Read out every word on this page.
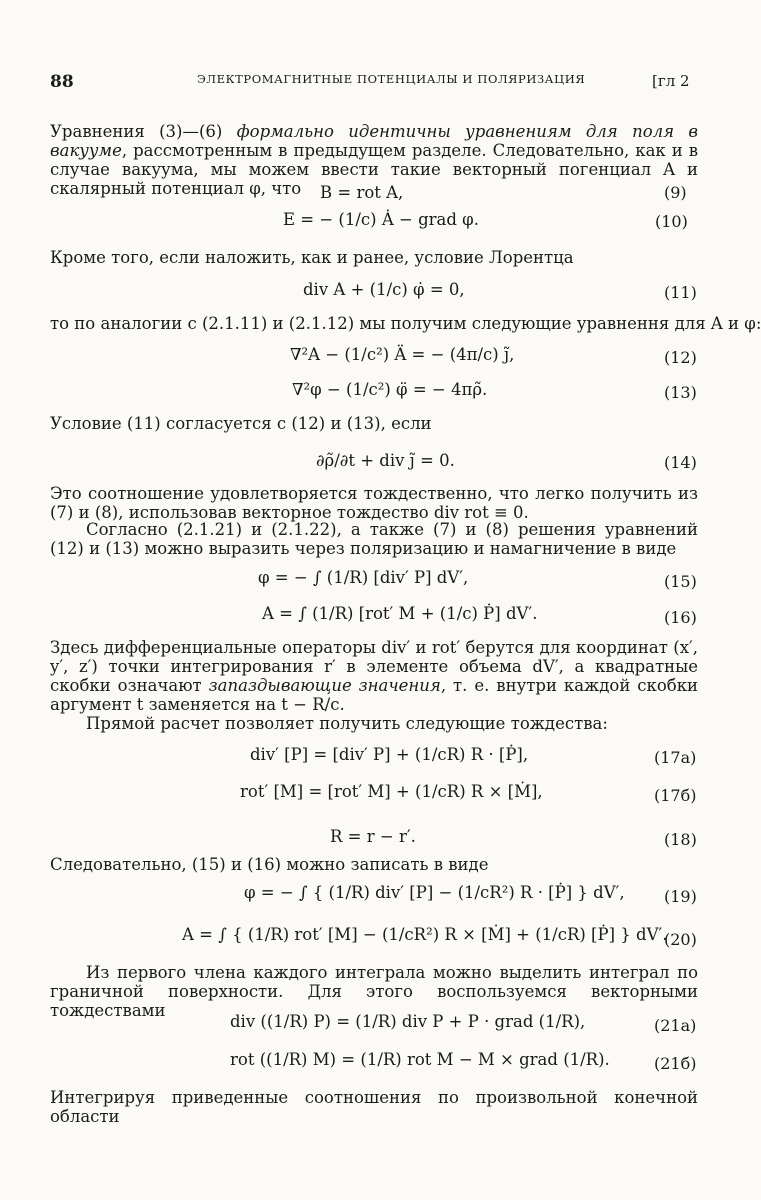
88	ЭЛЕКТРОМАГНИТНЫЕ ПОТЕНЦИАЛЫ И ПОЛЯРИЗАЦИЯ	[гл 2
Уравнения (3)—(6) формально идентичны уравнениям для поля в вакууме, рассмотренным в предыдущем разделе. Следовательно, как и в случае вакуума, мы можем ввести такие векторный погенциал A и скалярный потенциал φ, что	B = rot A,	(9)
E = − (1/c) Ȧ − grad φ.	(10)
Кроме того, если наложить, как и ранее, условие Лорентца
div A + (1/c) φ̇ = 0,	(11)
то по аналогии с (2.1.11) и (2.1.12) мы получим следующие уравнення для A и φ:
∇²A − (1/c²) Ä = − (4π/c) j̃,	(12)
∇²φ − (1/c²) φ̈ = − 4πρ̃.	(13)
Условие (11) согласуется с (12) и (13), если
∂ρ̃/∂t + div j̃ = 0.	(14)
Это соотношение удовлетворяется тождественно, что легко получить из (7) и (8), использовав векторное тождество div rot ≡ 0.
Согласно (2.1.21) и (2.1.22), а также (7) и (8) решения уравнений (12) и (13) можно выразить через поляризацию и намагничение в виде
φ = − ∫ (1/R) [div′ P] dV′,	(15)
A = ∫ (1/R) [rot′ M + (1/c) Ṗ] dV′.	(16)
Здесь дифференциальные операторы div′ и rot′ берутся для координат (x′, y′, z′) точки интегрирования r′ в элементе объема dV′, а квадратные скобки означают запаздывающие значения, т. е. внутри каждой скобки аргумент t заменяется на t − R/c.
Прямой расчет позволяет получить следующие тождества:
div′ [P] = [div′ P] + (1/cR) R · [Ṗ],	(17а)
rot′ [M] = [rot′ M] + (1/cR) R × [Ṁ],	(17б)
R = r − r′.	(18)
Следовательно, (15) и (16) можно записать в виде
φ = − ∫ { (1/R) div′ [P] − (1/cR²) R · [Ṗ] } dV′, (19)
A = ∫ { (1/R) rot′ [M] − (1/cR²) R × [Ṁ] + (1/cR) [Ṗ] } dV′.
(20)
Из первого члена каждого интеграла можно выделить интеграл по граничной поверхности. Для этого воспользуемся векторными тождествами
div ((1/R) P) = (1/R) div P + P · grad (1/R),	(21а)
rot ((1/R) M) = (1/R) rot M − M × grad (1/R).	(21б)
Интегрируя приведенные соотношения по произвольной конечной области
